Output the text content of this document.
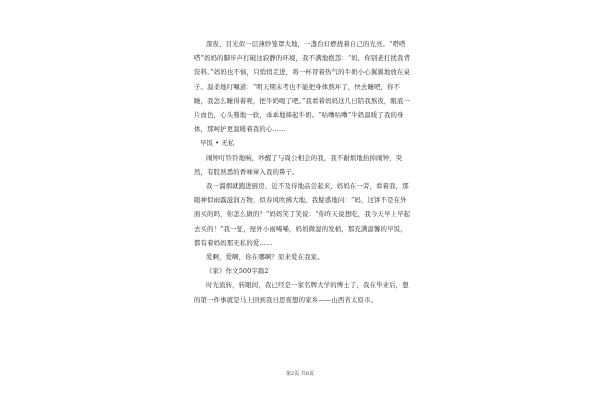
深夜，目光似一层薄纱笼罩大地，一盏台灯燃烧着自己的光亮。“嗒嗒嗒”妈妈的脚步声打破这寂静的环境，我不满地抱怨：“妈，你别老打扰我背资料。”妈妈也不恼，只悄悄走进，将一杯冒着热气的牛奶小心翼翼地放在桌子。温柔地叮嘱道：“明天期末考也不能把身体熬坏了，快去睡吧，你不睡，我怎么睡得着呢，把牛奶喝了吧。”我看着妈妈这几日陪我熬夜，眼底一片血色，心头蓦地一软，乖乖地捧起牛奶。“咕噜咕噜”牛奶温暖了我的身体，那呵护更温暖着我的心……

早饭 • 无私

闹钟叮铃铃地响，吵醒了与周公相会的我，我不耐烦地抬掉闹钟，突然，有股熟悉的香味窜入我的鼻子。

我一溜烟就跑进厨房，近不及待地品尝起来，妈妈在一旁，看着我，那眼神似雨露滋润万物，似春风吹拂大地。我疑惑地问：“妈，这饼不是在外面买的吗，你怎么做的？”妈妈笑了笑说：“你昨天说想吃，我今天早上早起去买的！”我一怔，屋外小雨唏唏，妈妈微湿的发梢，那充满温馨的早饭，都有着妈妈那无私的爱……

爱啊，爱啊，你在哪啊？原来爱在我家。

《家》作文500字篇2

时光流转，转眼间，我已经是一家名牌大学的博士了，我在毕业后，想的第一件事就是马上回到我日思夜想的家乡——山西省太原市。

第2页 共8页
